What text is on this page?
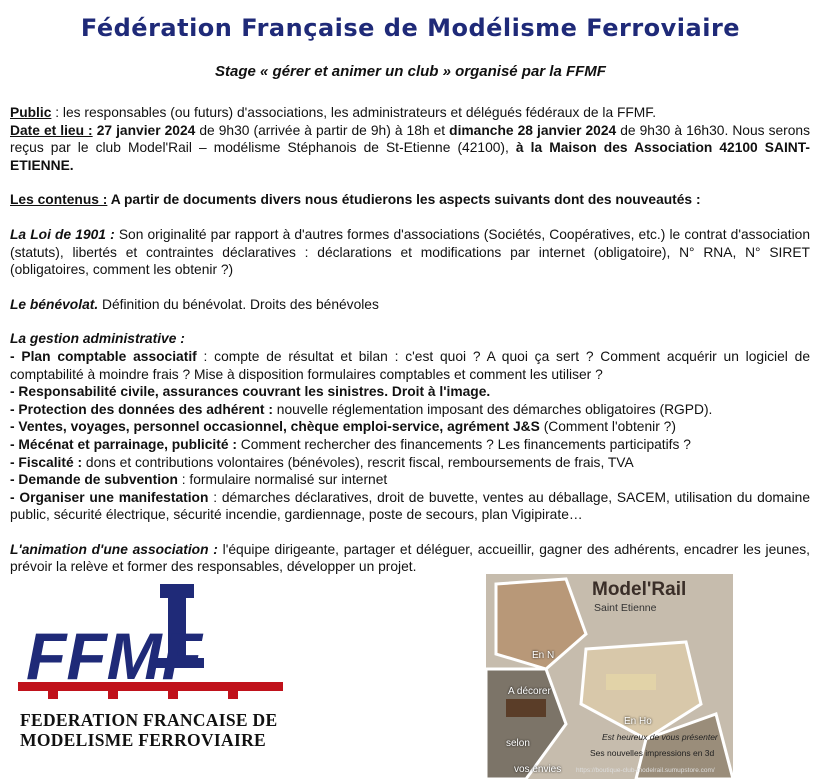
Fédération Française de Modélisme Ferroviaire
Stage « gérer et animer un club » organisé par la FFMF

Public : les responsables (ou futurs) d'associations, les administrateurs et délégués fédéraux de la FFMF.

Date et lieu : 27 janvier 2024 de 9h30 (arrivée à partir de 9h) à 18h et dimanche 28 janvier 2024 de 9h30 à 16h30. Nous serons reçus par le club Model'Rail – modélisme Stéphanois de St-Etienne (42100), à la Maison des Association 42100 SAINT-ETIENNE.

Les contenus : A partir de documents divers nous étudierons les aspects suivants dont des nouveautés :

La Loi de 1901 : Son originalité par rapport à d'autres formes d'associations (Sociétés, Coopératives, etc.) le contrat d'association (statuts), libertés et contraintes déclaratives : déclarations et modifications par internet (obligatoire), N° RNA, N° SIRET (obligatoires, comment les obtenir ?)

Le bénévolat. Définition du bénévolat. Droits des bénévoles

La gestion administrative :

- Plan comptable associatif : compte de résultat et bilan : c'est quoi ? A quoi ça sert ? Comment acquérir un logiciel de comptabilité à moindre frais ? Mise à disposition formulaires comptables et comment les utiliser ?

- Responsabilité civile, assurances couvrant les sinistres. Droit à l'image.

- Protection des données des adhérent : nouvelle réglementation imposant des démarches obligatoires (RGPD).

- Ventes, voyages, personnel occasionnel, chèque emploi-service, agrément J&S (Comment l'obtenir ?)

- Mécénat et parrainage, publicité : Comment rechercher des financements ? Les financements participatifs ?

- Fiscalité : dons et contributions volontaires (bénévoles), rescrit fiscal, remboursements de frais, TVA

- Demande de subvention : formulaire normalisé sur internet

- Organiser une manifestation : démarches déclaratives, droit de buvette, ventes au déballage, SACEM, utilisation du domaine public, sécurité électrique, sécurité incendie, gardiennage, poste de secours, plan Vigipirate…

L'animation d'une association : l'équipe dirigeante, partager et déléguer, accueillir, gagner des adhérents, encadrer les jeunes, prévoir la relève et former des responsables, développer un projet.

FFMF
FEDERATION FRANCAISE DE
MODELISME FERROVIAIRE
Model'Rail
Saint Etienne
En N
A décorer
selon
vos envies
En Ho
Est heureux de vous présenter
Ses nouvelles impressions en 3d
https://boutique-club-modelrail.sumupstore.com/
